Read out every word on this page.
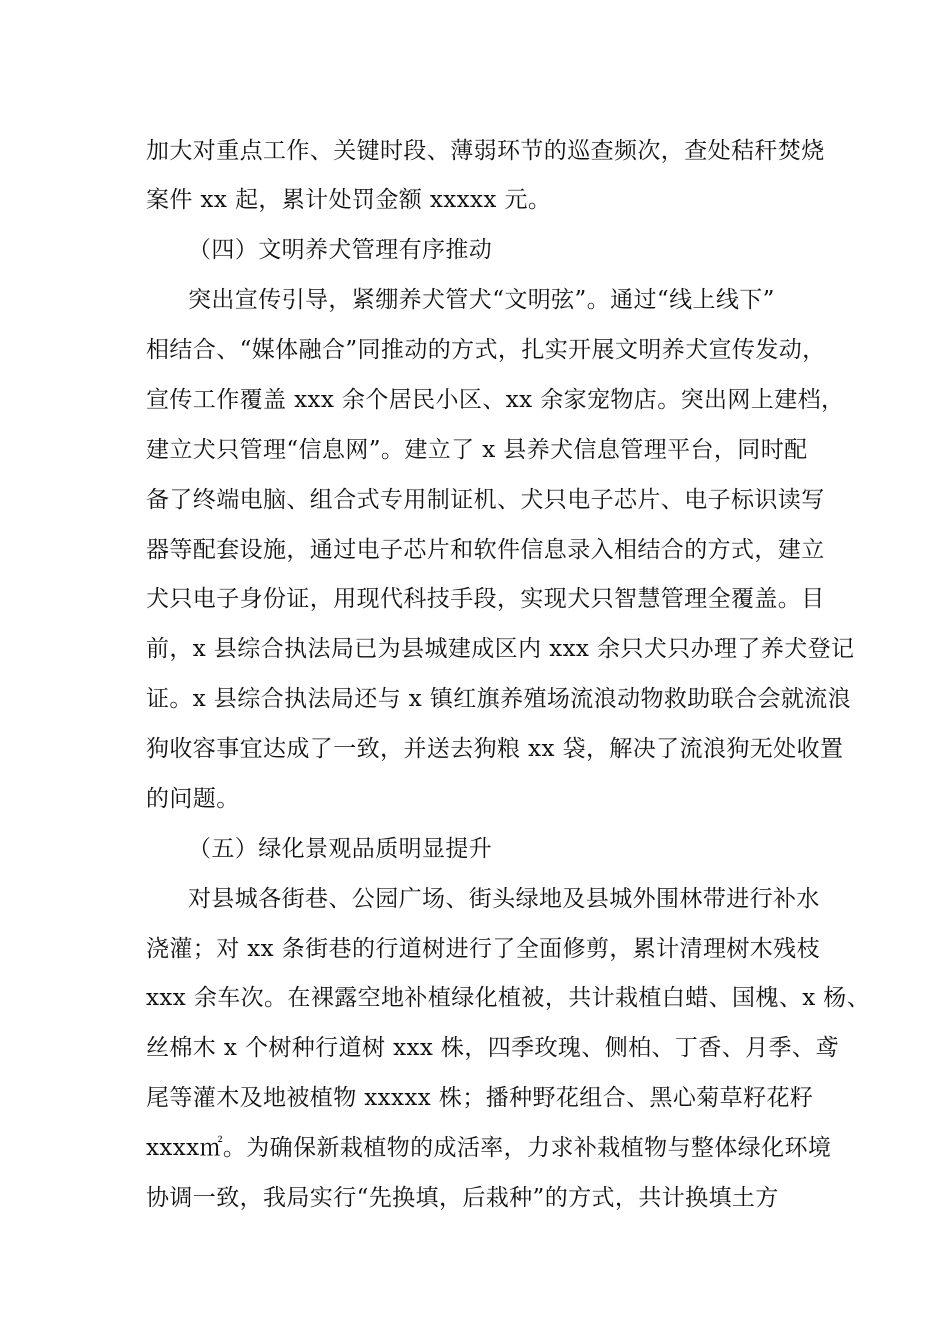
加大对重点工作、关键时段、薄弱环节的巡查频次，查处秸秆焚烧
案件 xx 起，累计处罚金额 xxxxx 元。
（四）文明养犬管理有序推动
突出宣传引导，紧绷养犬管犬“文明弦”。通过“线上线下”
相结合、“媒体融合”同推动的方式，扎实开展文明养犬宣传发动，
宣传工作覆盖 xxx 余个居民小区、xx 余家宠物店。突出网上建档，
建立犬只管理“信息网”。建立了 x 县养犬信息管理平台，同时配
备了终端电脑、组合式专用制证机、犬只电子芯片、电子标识读写
器等配套设施，通过电子芯片和软件信息录入相结合的方式，建立
犬只电子身份证，用现代科技手段，实现犬只智慧管理全覆盖。目
前，x 县综合执法局已为县城建成区内 xxx 余只犬只办理了养犬登记
证。x 县综合执法局还与 x 镇红旗养殖场流浪动物救助联合会就流浪
狗收容事宜达成了一致，并送去狗粮 xx 袋，解决了流浪狗无处收置
的问题。
（五）绿化景观品质明显提升
对县城各街巷、公园广场、街头绿地及县城外围林带进行补水
浇灌；对 xx 条街巷的行道树进行了全面修剪，累计清理树木残枝
xxx 余车次。在裸露空地补植绿化植被，共计栽植白蜡、国槐、x 杨、
丝棉木 x 个树种行道树 xxx 株，四季玫瑰、侧柏、丁香、月季、鸢
尾等灌木及地被植物 xxxxx 株；播种野花组合、黑心菊草籽花籽
xxxx㎡。为确保新栽植物的成活率，力求补栽植物与整体绿化环境
协调一致，我局实行“先换填，后栽种”的方式，共计换填土方
